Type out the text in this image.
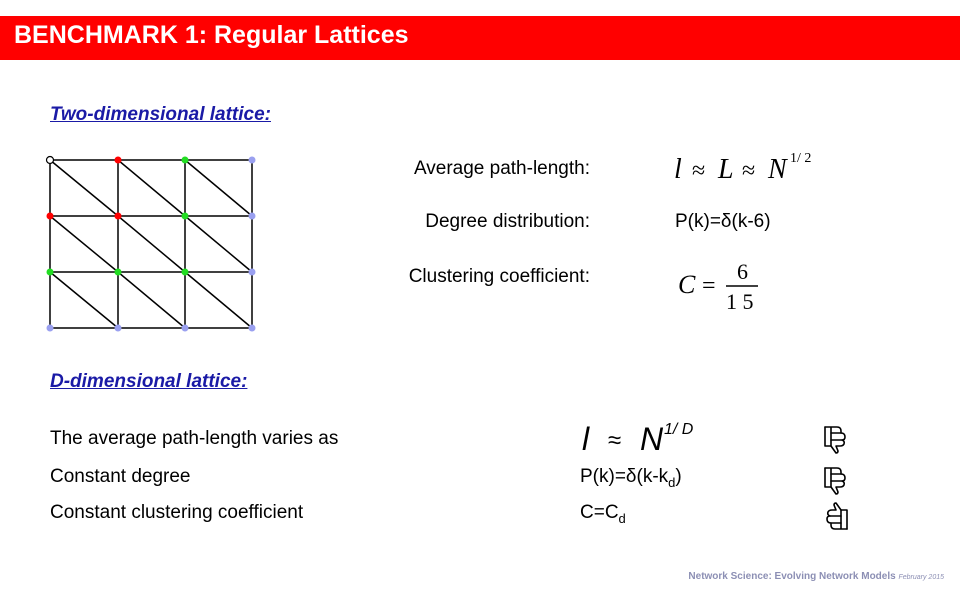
BENCHMARK 1: Regular Lattices
Two-dimensional lattice:
Average path-length:
Degree distribution:
Clustering coefficient:
l ≈ L ≈ N 1/ 2
P(k)=δ(k-6)
C =
6
1 5
D-dimensional lattice:
The average path-length varies as
Constant degree
Constant clustering coefficient
l ≈ N 1/ D
$P(k)=\delta(k-k_d)$
$C=C_d$
Network Science: Evolving Network Models February 2015
